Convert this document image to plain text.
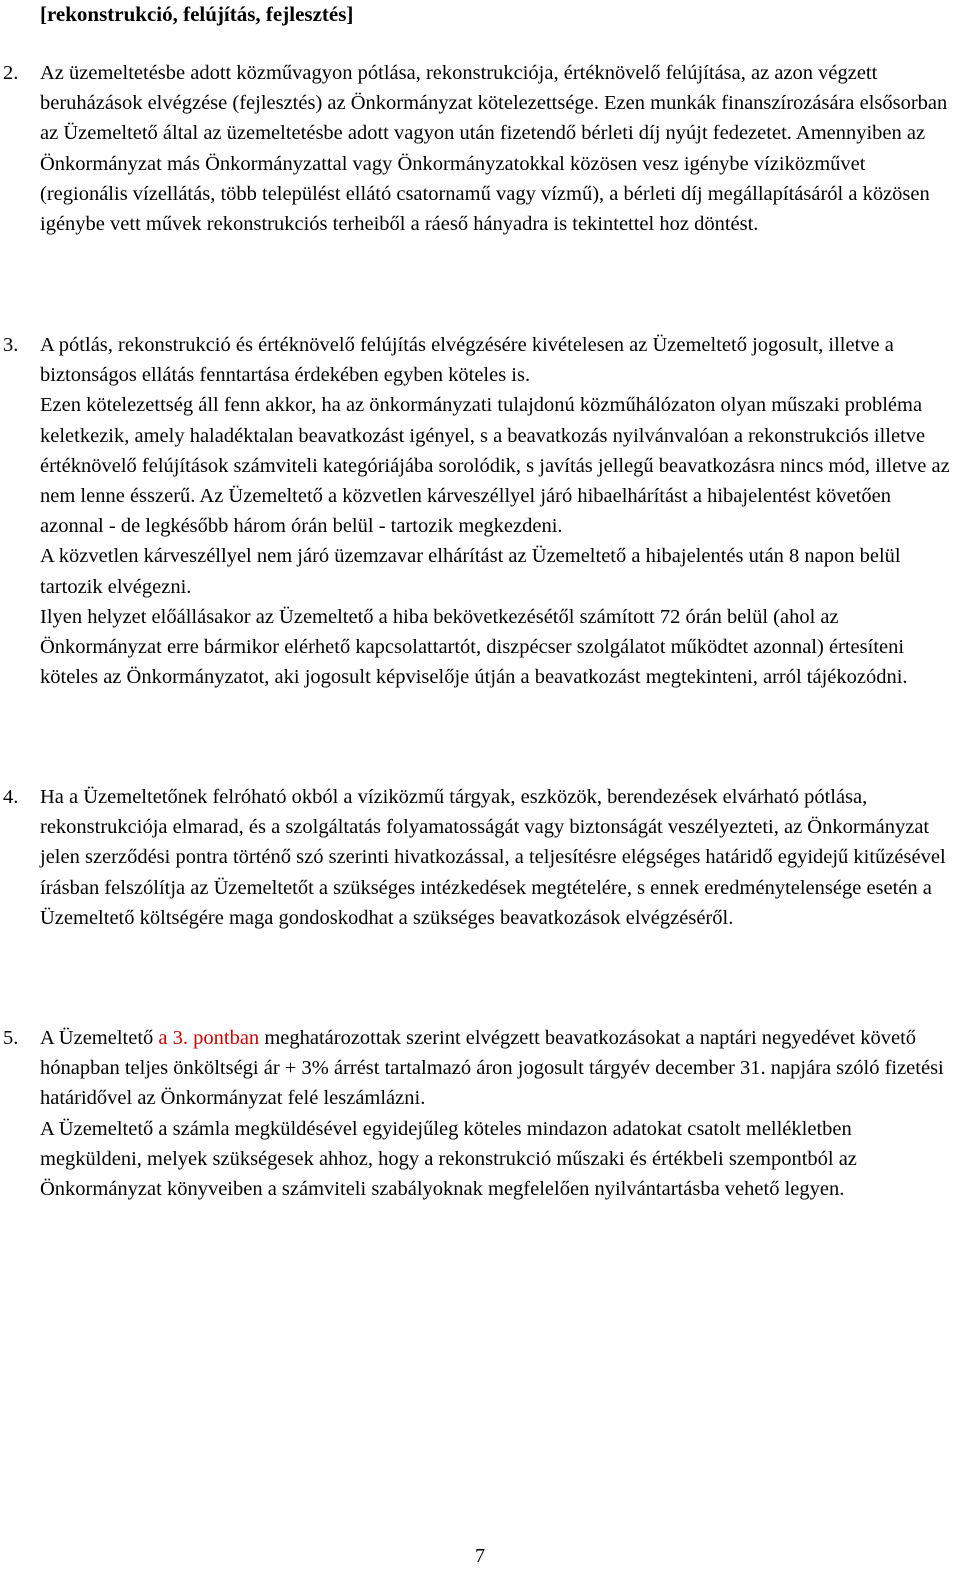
[rekonstrukció, felújítás, fejlesztés]
2.	Az üzemeltetésbe adott közművagyon pótlása, rekonstrukciója, értéknövelő felújítása, az azon végzett beruházások elvégzése (fejlesztés) az Önkormányzat kötelezettsége. Ezen munkák finanszírozására elsősorban az Üzemeltető által az üzemeltetésbe adott vagyon után fizetendő bérleti díj nyújt fedezetet. Amennyiben az Önkormányzat más Önkormányzattal vagy Önkormányzatokkal közösen vesz igénybe víziközművet (regionális vízellátás, több települést ellátó csatornamű vagy vízmű), a bérleti díj megállapításáról a közösen igénybe vett művek rekonstrukciós terheiből a ráeső hányadra is tekintettel hoz döntést.

3.	A pótlás, rekonstrukció és értéknövelő felújítás elvégzésére kivételesen az Üzemeltető jogosult, illetve a biztonságos ellátás fenntartása érdekében egyben köteles is.

Ezen kötelezettség áll fenn akkor, ha az önkormányzati tulajdonú közműhálózaton olyan műszaki probléma keletkezik, amely haladéktalan beavatkozást igényel, s a beavatkozás nyilvánvalóan a rekonstrukciós illetve értéknövelő felújítások számviteli kategóriájába sorolódik, s javítás jellegű beavatkozásra nincs mód, illetve az nem lenne ésszerű. Az Üzemeltető a közvetlen kárveszéllyel járó hibaelhárítást a hibajelentést követően azonnal - de legkésőbb három órán belül - tartozik megkezdeni.

A közvetlen kárveszéllyel nem járó üzemzavar elhárítást az Üzemeltető a hibajelentés után 8 napon belül tartozik elvégezni.

Ilyen helyzet előállásakor az Üzemeltető a hiba bekövetkezésétől számított 72 órán belül (ahol az Önkormányzat erre bármikor elérhető kapcsolattartót, diszpécser szolgálatot működtet azonnal) értesíteni köteles az Önkormányzatot, aki jogosult képviselője útján a beavatkozást megtekinteni, arról tájékozódni.

4.	Ha a Üzemeltetőnek felróható okból a víziközmű tárgyak, eszközök, berendezések elvárható pótlása, rekonstrukciója elmarad, és a szolgáltatás folyamatosságát vagy biztonságát veszélyezteti, az Önkormányzat jelen szerződési pontra történő szó szerinti hivatkozással, a teljesítésre elégséges határidő egyidejű kitűzésével írásban felszólítja az Üzemeltetőt a szükséges intézkedések megtételére, s ennek eredménytelensége esetén a Üzemeltető költségére maga gondoskodhat a szükséges beavatkozások elvégzéséről.

5.	A Üzemeltető a 3. pontban meghatározottak szerint elvégzett beavatkozásokat a naptári negyedévet követő hónapban teljes önköltségi ár + 3% árrést tartalmazó áron jogosult tárgyév december 31. napjára szóló fizetési határidővel az Önkormányzat felé leszámlázni.

A Üzemeltető a számla megküldésével egyidejűleg köteles mindazon adatokat csatolt mellékletben megküldeni, melyek szükségesek ahhoz, hogy a rekonstrukció műszaki és értékbeli szempontból az Önkormányzat könyveiben a számviteli szabályoknak megfelelően nyilvántartásba vehető legyen.

7
